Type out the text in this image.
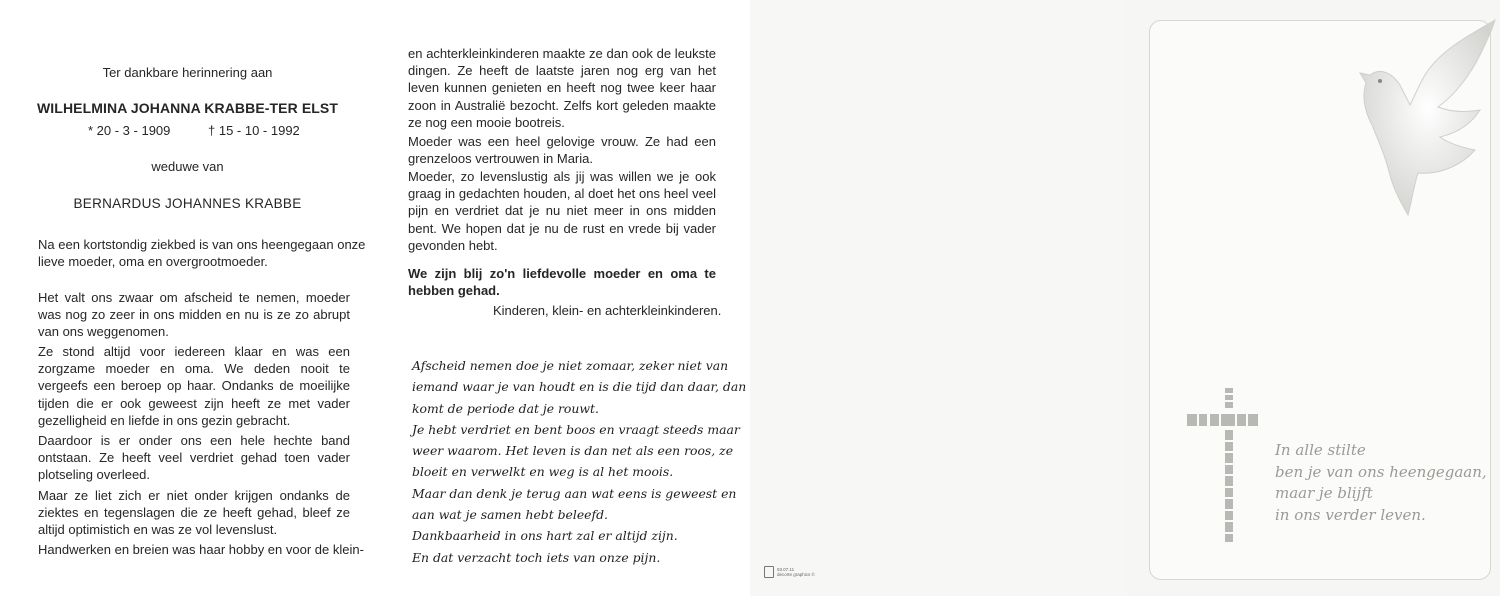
Ter dankbare herinnering aan
WILHELMINA JOHANNA KRABBE-TER ELST
* 20 - 3 - 1909	† 15 - 10 - 1992
weduwe van
BERNARDUS JOHANNES KRABBE
Na een kortstondig ziekbed is van ons heengegaan onze
lieve moeder, oma en overgrootmoeder.
Het valt ons zwaar om afscheid te nemen, moeder was nog zo zeer in ons midden en nu is ze zo abrupt van ons weggenomen.
Ze stond altijd voor iedereen klaar en was een zorgzame moeder en oma. We deden nooit te vergeefs een beroep op haar. Ondanks de moeilijke tijden die er ook geweest zijn heeft ze met vader gezelligheid en liefde in ons gezin gebracht.
Daardoor is er onder ons een hele hechte band ontstaan. Ze heeft veel verdriet gehad toen vader plotseling overleed.
Maar ze liet zich er niet onder krijgen ondanks de ziektes en tegenslagen die ze heeft gehad, bleef ze altijd optimistich en was ze vol levenslust.
Handwerken en breien was haar hobby en voor de klein-
en achterkleinkinderen maakte ze dan ook de leukste dingen. Ze heeft de laatste jaren nog erg van het leven kunnen genieten en heeft nog twee keer haar zoon in Australië bezocht. Zelfs kort geleden maakte ze nog een mooie bootreis.
Moeder was een heel gelovige vrouw. Ze had een grenzeloos vertrouwen in Maria.
Moeder, zo levenslustig als jij was willen we je ook graag in gedachten houden, al doet het ons heel veel pijn en verdriet dat je nu niet meer in ons midden bent. We hopen dat je nu de rust en vrede bij vader gevonden hebt.
We zijn blij zo'n liefdevolle moeder en oma te hebben gehad.
Kinderen, klein- en achterkleinkinderen.
Afscheid nemen doe je niet zomaar, zeker niet van
iemand waar je van houdt en is die tijd dan daar, dan
komt de periode dat je rouwt.
Je hebt verdriet en bent boos en vraagt steeds maar
weer waarom. Het leven is dan net als een roos, ze
bloeit en verwelkt en weg is al het moois.
Maar dan denk je terug aan wat eens is geweest en
aan wat je samen hebt beleefd.
Dankbaarheid in ons hart zal er altijd zijn.
En dat verzacht toch iets van onze pijn.
93.07.11
decorte graphics ©
In alle stilte
ben je van ons heengegaan,
maar je blijft
in ons verder leven.
